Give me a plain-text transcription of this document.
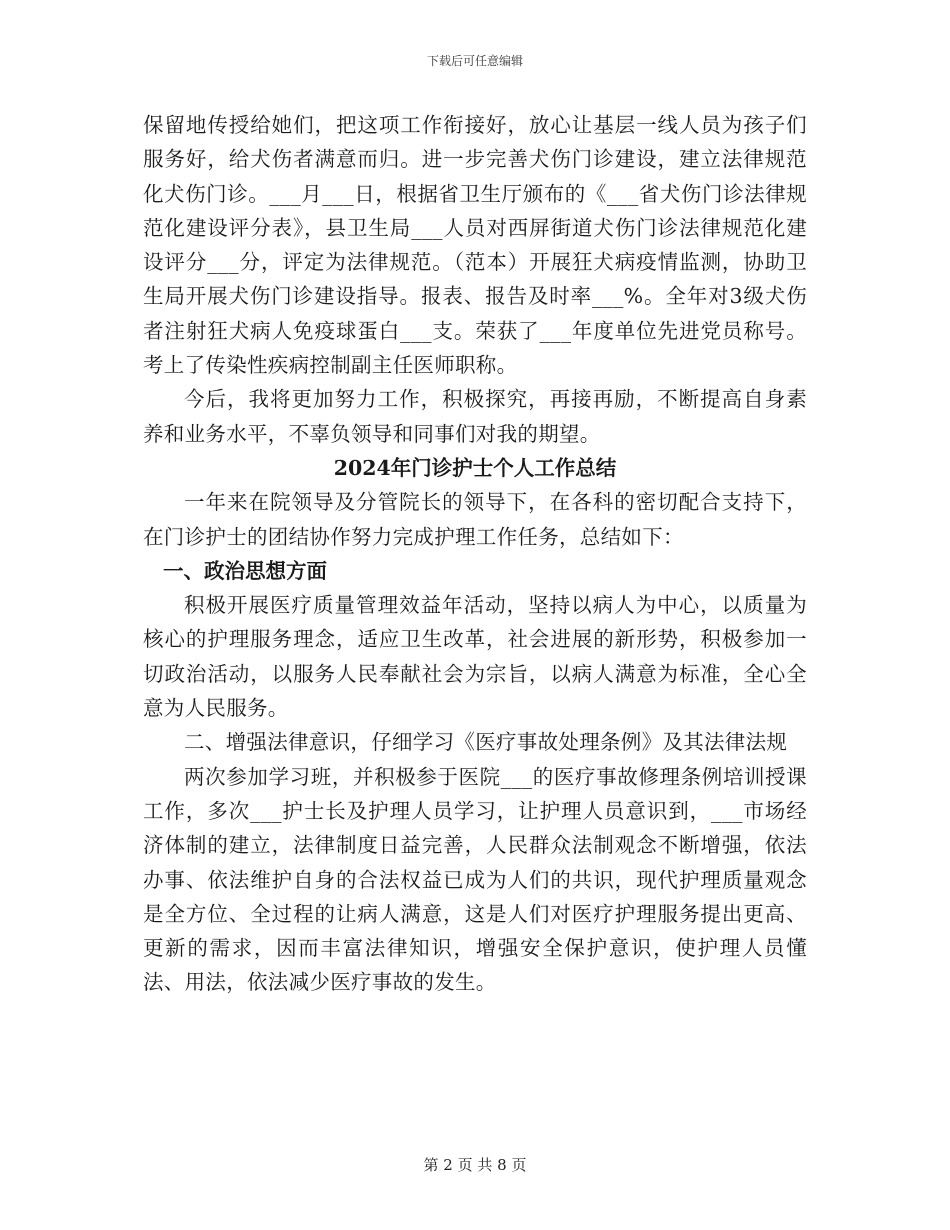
下载后可任意编辑

保留地传授给她们，把这项工作衔接好，放心让基层一线人员为孩子们服务好，给犬伤者满意而归。进一步完善犬伤门诊建设，建立法律规范化犬伤门诊。___月___日，根据省卫生厅颁布的《___省犬伤门诊法律规范化建设评分表》，县卫生局___人员对西屏街道犬伤门诊法律规范化建设评分___分，评定为法律规范。（范本）开展狂犬病疫情监测，协助卫生局开展犬伤门诊建设指导。报表、报告及时率___%。全年对3级犬伤者注射狂犬病人免疫球蛋白___支。荣获了___年度单位先进党员称号。考上了传染性疾病控制副主任医师职称。

今后，我将更加努力工作，积极探究，再接再励，不断提高自身素养和业务水平，不辜负领导和同事们对我的期望。

2024年门诊护士个人工作总结

一年来在院领导及分管院长的领导下，在各科的密切配合支持下，在门诊护士的团结协作努力完成护理工作任务，总结如下：

一、政治思想方面

积极开展医疗质量管理效益年活动，坚持以病人为中心，以质量为核心的护理服务理念，适应卫生改革，社会进展的新形势，积极参加一切政治活动，以服务人民奉献社会为宗旨，以病人满意为标准，全心全意为人民服务。

二、增强法律意识，仔细学习《医疗事故处理条例》及其法律法规

两次参加学习班，并积极参于医院___的医疗事故修理条例培训授课工作，多次___护士长及护理人员学习，让护理人员意识到，___市场经济体制的建立，法律制度日益完善，人民群众法制观念不断增强，依法办事、依法维护自身的合法权益已成为人们的共识，现代护理质量观念是全方位、全过程的让病人满意，这是人们对医疗护理服务提出更高、更新的需求，因而丰富法律知识，增强安全保护意识，使护理人员懂法、用法，依法减少医疗事故的发生。

第 2 页 共 8 页
